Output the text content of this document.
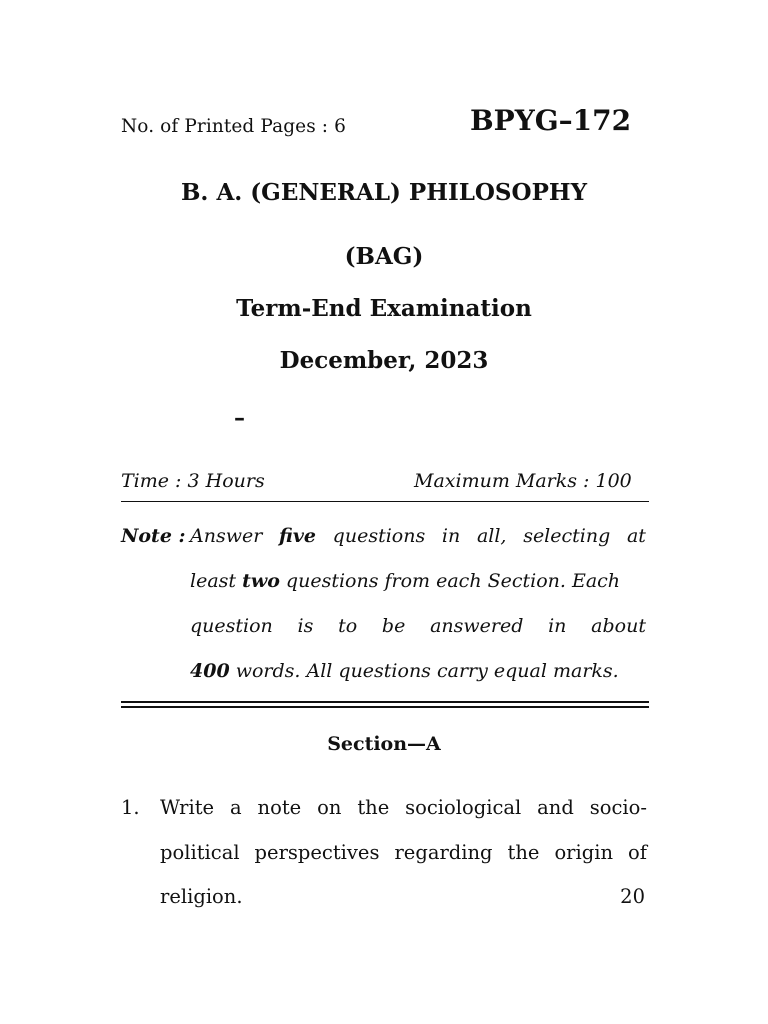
No. of Printed Pages : 6	BPYG–172
B. A. (GENERAL) PHILOSOPHY
(BAG)
Term-End Examination
December, 2023
–
Time : 3 Hours	Maximum Marks : 100
Note : Answer five questions in all, selecting at
least two questions from each Section. Each
question is to be answered in about
400 words. All questions carry equal marks.
Section—A
1. Write a note on the sociological and socio-
political perspectives regarding the origin of
religion.	20
